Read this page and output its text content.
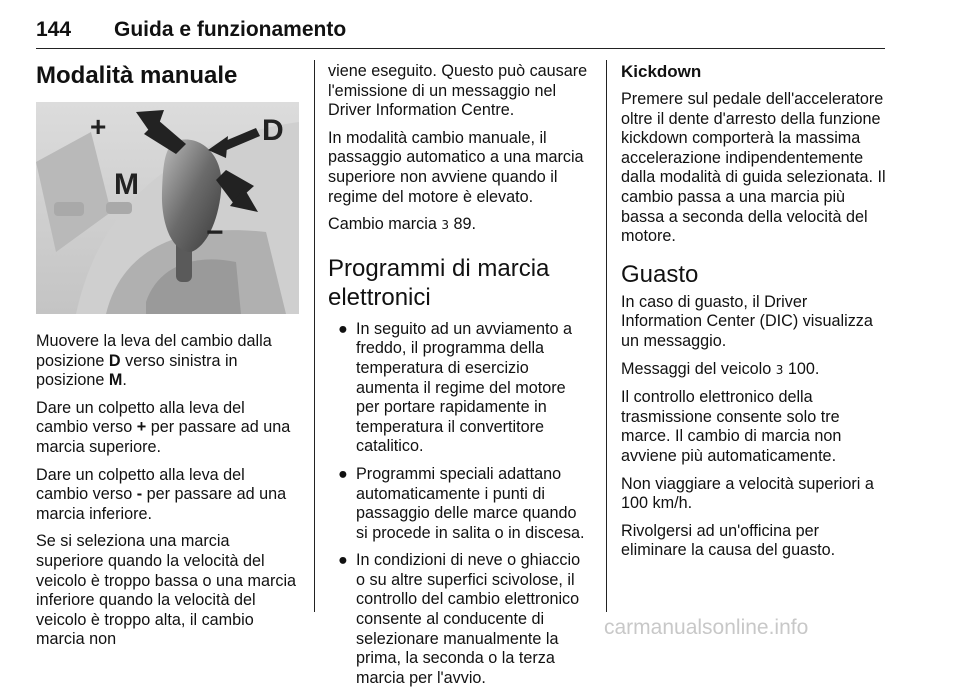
144 Guida e funzionamento
Modalità manuale
+
−
D
M

Muovere la leva del cambio dalla posizione D verso sinistra in posizione M.

Dare un colpetto alla leva del cambio verso + per passare ad una marcia superiore.

Dare un colpetto alla leva del cambio verso - per passare ad una marcia inferiore.

Se si seleziona una marcia superiore quando la velocità del veicolo è troppo bassa o una marcia inferiore quando la velocità del veicolo è troppo alta, il cambio marcia non

viene eseguito. Questo può causare l'emissione di un messaggio nel Driver Information Centre.

In modalità cambio manuale, il passaggio automatico a una marcia superiore non avviene quando il regime del motore è elevato.

Cambio marcia 3 89.

Programmi di marcia elettronici
● In seguito ad un avviamento a freddo, il programma della temperatura di esercizio aumenta il regime del motore per portare rapidamente in temperatura il convertitore catalitico.
● Programmi speciali adattano automaticamente i punti di passaggio delle marce quando si procede in salita o in discesa.
● In condizioni di neve o ghiaccio o su altre superfici scivolose, il controllo del cambio elettronico consente al conducente di selezionare manualmente la prima, la seconda o la terza marcia per l'avvio.
Kickdown

Premere sul pedale dell'acceleratore oltre il dente d'arresto della funzione kickdown comporterà la massima accelerazione indipendentemente dalla modalità di guida selezionata. Il cambio passa a una marcia più bassa a seconda della velocità del motore.

Guasto

In caso di guasto, il Driver Information Center (DIC) visualizza un messaggio.

Messaggi del veicolo 3 100.

Il controllo elettronico della trasmissione consente solo tre marce. Il cambio di marcia non avviene più automaticamente.

Non viaggiare a velocità superiori a 100 km/h.

Rivolgersi ad un'officina per eliminare la causa del guasto.

carmanualsonline.info
